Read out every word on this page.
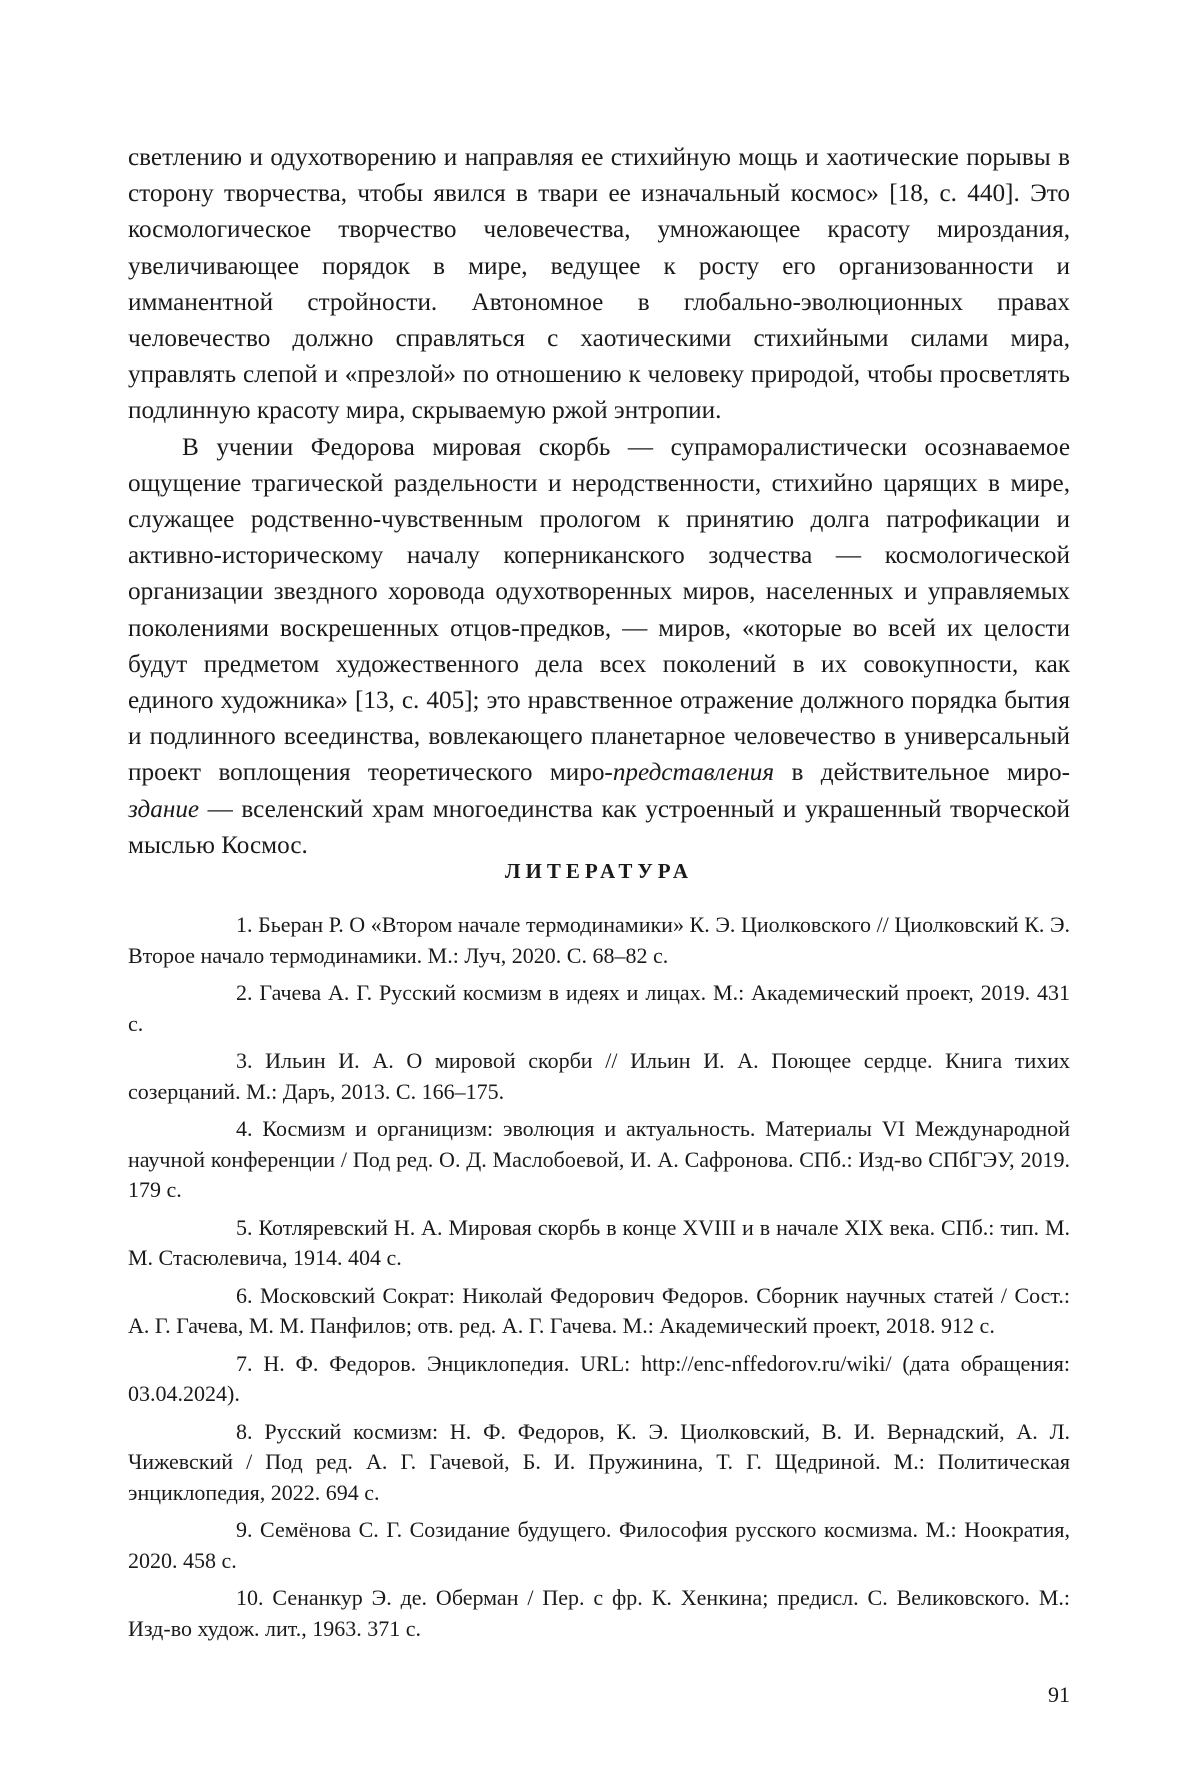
светлению и одухотворению и направляя ее стихийную мощь и хаотические порывы в сторону творчества, чтобы явился в твари ее изначальный космос» [18, с. 440]. Это космологическое творчество человечества, умножающее красоту мироздания, увеличивающее порядок в мире, ведущее к росту его организованности и имманентной стройности. Автономное в глобально-эволюционных правах человечество должно справляться с хаотическими стихийными силами мира, управлять слепой и «презлой» по отношению к человеку природой, чтобы просветлять подлинную красоту мира, скрываемую ржой энтропии.

В учении Федорова мировая скорбь — супраморалистически осознаваемое ощущение трагической раздельности и неродственности, стихийно царящих в мире, служащее родственно-чувственным прологом к принятию долга патрофикации и активно-историческому началу коперниканского зодчества — космологической организации звездного хоровода одухотворенных миров, населенных и управляемых поколениями воскрешенных отцов-предков, — миров, «которые во всей их целости будут предметом художественного дела всех поколений в их совокупности, как единого художника» [13, с. 405]; это нравственное отражение должного порядка бытия и подлинного всеединства, вовлекающего планетарное человечество в универсальный проект воплощения теоретического миро-представления в действительное миро-здание — вселенский храм многоединства как устроенный и украшенный творческой мыслью Космос.

ЛИТЕРАТУРА
1. Бьеран Р. О «Втором начале термодинамики» К. Э. Циолковского // Циолковский К. Э. Второе начало термодинамики. М.: Луч, 2020. С. 68–82 с.
2. Гачева А. Г. Русский космизм в идеях и лицах. М.: Академический проект, 2019. 431 с.
3. Ильин И. А. О мировой скорби // Ильин И. А. Поющее сердце. Книга тихих созерцаний. М.: Даръ, 2013. С. 166–175.
4. Космизм и органицизм: эволюция и актуальность. Материалы VI Международной научной конференции / Под ред. О. Д. Маслобоевой, И. А. Сафронова. СПб.: Изд-во СПбГЭУ, 2019. 179 с.
5. Котляревский Н. А. Мировая скорбь в конце XVIII и в начале XIX века. СПб.: тип. М. М. Стасюлевича, 1914. 404 с.
6. Московский Сократ: Николай Федорович Федоров. Сборник научных статей / Сост.: А. Г. Гачева, М. М. Панфилов; отв. ред. А. Г. Гачева. М.: Академический проект, 2018. 912 с.
7. Н. Ф. Федоров. Энциклопедия. URL: http://enc-nffedorov.ru/wiki/ (дата обращения: 03.04.2024).
8. Русский космизм: Н. Ф. Федоров, К. Э. Циолковский, В. И. Вернадский, А. Л. Чижевский / Под ред. А. Г. Гачевой, Б. И. Пружинина, Т. Г. Щедриной. М.: Политическая энциклопедия, 2022. 694 с.
9. Семёнова С. Г. Созидание будущего. Философия русского космизма. М.: Ноократия, 2020. 458 с.
10. Сенанкур Э. де. Оберман / Пер. с фр. К. Хенкина; предисл. С. Великовского. М.: Изд-во худож. лит., 1963. 371 с.
91
